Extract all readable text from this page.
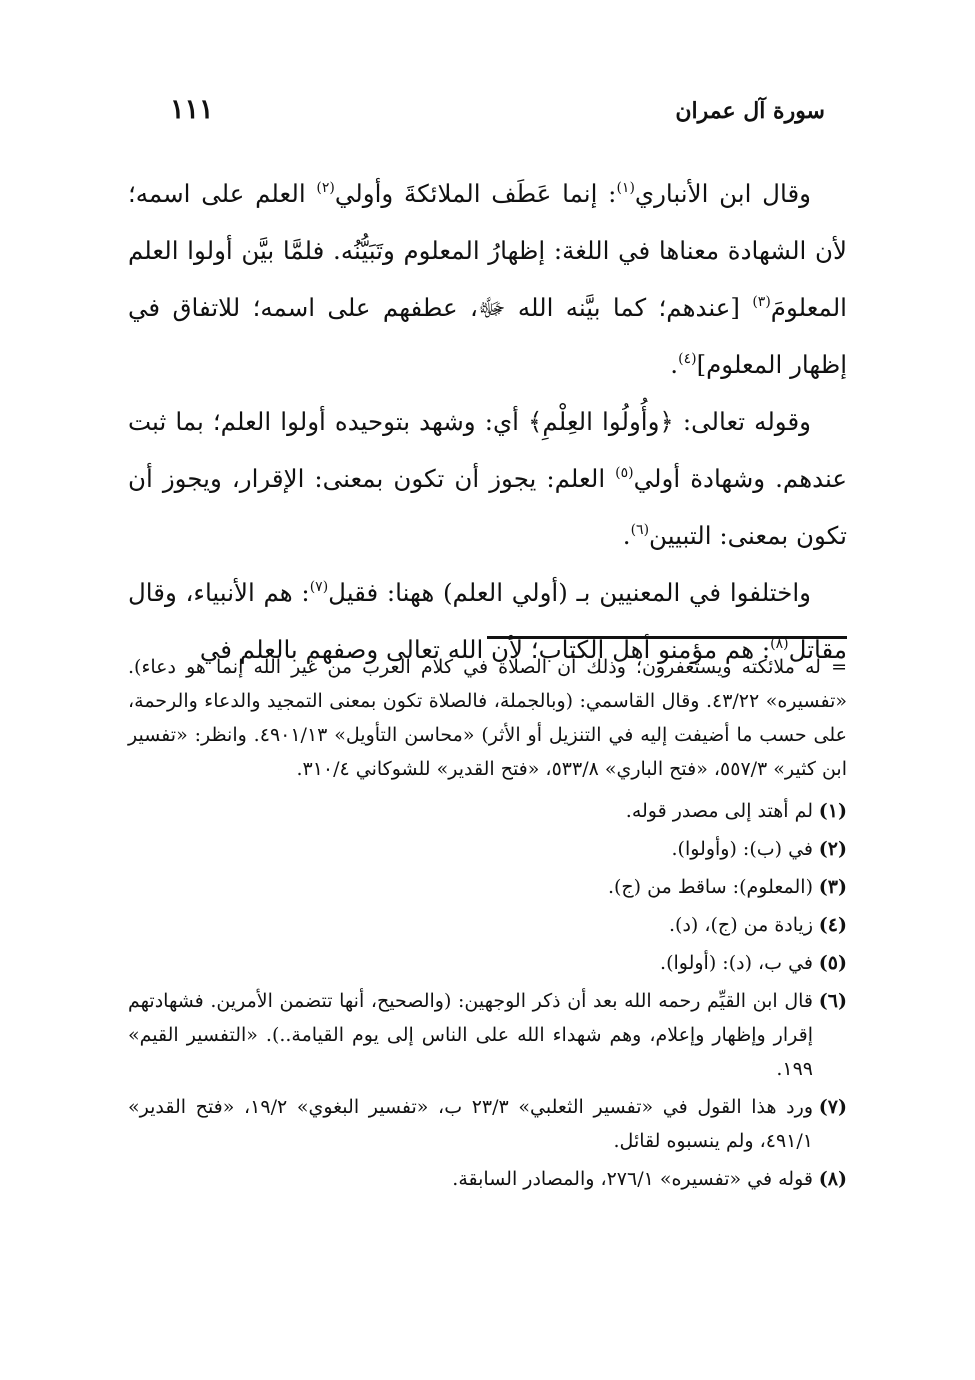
سورة آل عمران
١١١

وقال ابن الأنباري$^{(١)}$: إنما عَطَف الملائكةَ وأولي$^{(٢)}$ العلم على اسمه؛ لأن الشهادة معناها في اللغة: إظهارُ المعلوم وتَبَيُّنُه. فلمَّا بيَّن أولوا العلم المعلومَ$^{(٣)}$ [عندهم؛ كما بيَّنه الله ﷻ، عطفهم على اسمه؛ للاتفاق في إظهار المعلوم]$^{(٤)}$.

وقوله تعالى: ﴿وأُولُوا العِلْمِ﴾ أي: وشهد بتوحيده أولوا العلم؛ بما ثبت عندهم. وشهادة أولي$^{(٥)}$ العلم: يجوز أن تكون بمعنى: الإقرار، ويجوز أن تكون بمعنى: التبيين$^{(٦)}$.

واختلفوا في المعنيين بـ (أولي العلم) ههنا: فقيل$^{(٧)}$: هم الأنبياء، وقال مقاتل$^{(٨)}$: هم مؤمنو أهل الكتاب؛ لأن الله تعالى وصفهم بالعلم في

= له ملائكته ويستغفرون؛ وذلك أن الصلاة في كلام العرب من غير الله إنما هو دعاء). «تفسيره» ٤٣/٢٢. وقال القاسمي: (وبالجملة، فالصلاة تكون بمعنى التمجيد والدعاء والرحمة، على حسب ما أضيفت إليه في التنزيل أو الأثر) «محاسن التأويل» ٤٩٠١/١٣. وانظر: «تفسير ابن كثير» ٥٥٧/٣، «فتح الباري» ٥٣٣/٨، «فتح القدير» للشوكاني ٣١٠/٤.

(١)
لم أهتد إلى مصدر قوله.
(٢)
في (ب): (وأولوا).
(٣)
(المعلوم): ساقط من (ج).
(٤)
زيادة من (ج)، (د).
(٥)
في ب، (د): (أولوا).
(٦)
قال ابن القيِّم رحمه الله بعد أن ذكر الوجهين: (والصحيح، أنها تتضمن الأمرين. فشهادتهم إقرار وإظهار وإعلام، وهم شهداء الله على الناس إلى يوم القيامة..). «التفسير القيم» ١٩٩.
(٧)
ورد هذا القول في «تفسير الثعلبي» ٢٣/٣ ب، «تفسير البغوي» ١٩/٢، «فتح القدير» ٤٩١/١، ولم ينسبوه لقائل.
(٨)
قوله في «تفسيره» ٢٧٦/١، والمصادر السابقة.
